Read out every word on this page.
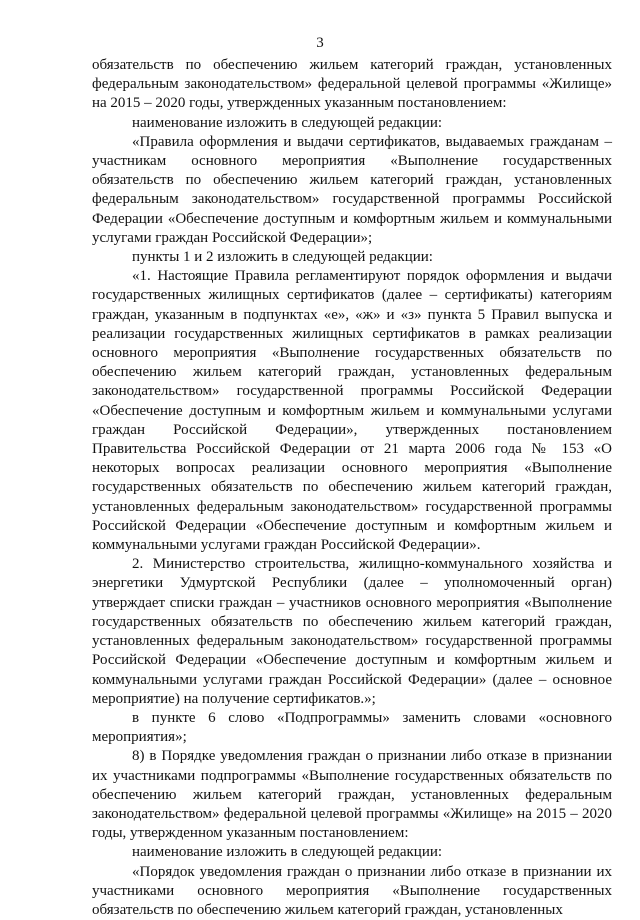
3

обязательств по обеспечению жильем категорий граждан, установленных федеральным законодательством» федеральной целевой программы «Жилище» на 2015 – 2020 годы, утвержденных указанным постановлением:

наименование изложить в следующей редакции:

«Правила оформления и выдачи сертификатов, выдаваемых гражданам – участникам основного мероприятия «Выполнение государственных обязательств по обеспечению жильем категорий граждан, установленных федеральным законодательством» государственной программы Российской Федерации «Обеспечение доступным и комфортным жильем и коммунальными услугами граждан Российской Федерации»;

пункты 1 и 2 изложить в следующей редакции:

«1. Настоящие Правила регламентируют порядок оформления и выдачи государственных жилищных сертификатов (далее – сертификаты) категориям граждан, указанным в подпунктах «е», «ж» и «з» пункта 5 Правил выпуска и реализации государственных жилищных сертификатов в рамках реализации основного мероприятия «Выполнение государственных обязательств по обеспечению жильем категорий граждан, установленных федеральным законодательством» государственной программы Российской Федерации «Обеспечение доступным и комфортным жильем и коммунальными услугами граждан Российской Федерации», утвержденных постановлением Правительства Российской Федерации от 21 марта 2006 года № 153 «О некоторых вопросах реализации основного мероприятия «Выполнение государственных обязательств по обеспечению жильем категорий граждан, установленных федеральным законодательством» государственной программы Российской Федерации «Обеспечение доступным и комфортным жильем и коммунальными услугами граждан Российской Федерации».

2. Министерство строительства, жилищно-коммунального хозяйства и энергетики Удмуртской Республики (далее – уполномоченный орган) утверждает списки граждан – участников основного мероприятия «Выполнение государственных обязательств по обеспечению жильем категорий граждан, установленных федеральным законодательством» государственной программы Российской Федерации «Обеспечение доступным и комфортным жильем и коммунальными услугами граждан Российской Федерации» (далее – основное мероприятие) на получение сертификатов.»;

в пункте 6 слово «Подпрограммы» заменить словами «основного мероприятия»;

8) в Порядке уведомления граждан о признании либо отказе в признании их участниками подпрограммы «Выполнение государственных обязательств по обеспечению жильем категорий граждан, установленных федеральным законодательством» федеральной целевой программы «Жилище» на 2015 – 2020 годы, утвержденном указанным постановлением:

наименование изложить в следующей редакции:

«Порядок уведомления граждан о признании либо отказе в признании их участниками основного мероприятия «Выполнение государственных обязательств по обеспечению жильем категорий граждан, установленных
